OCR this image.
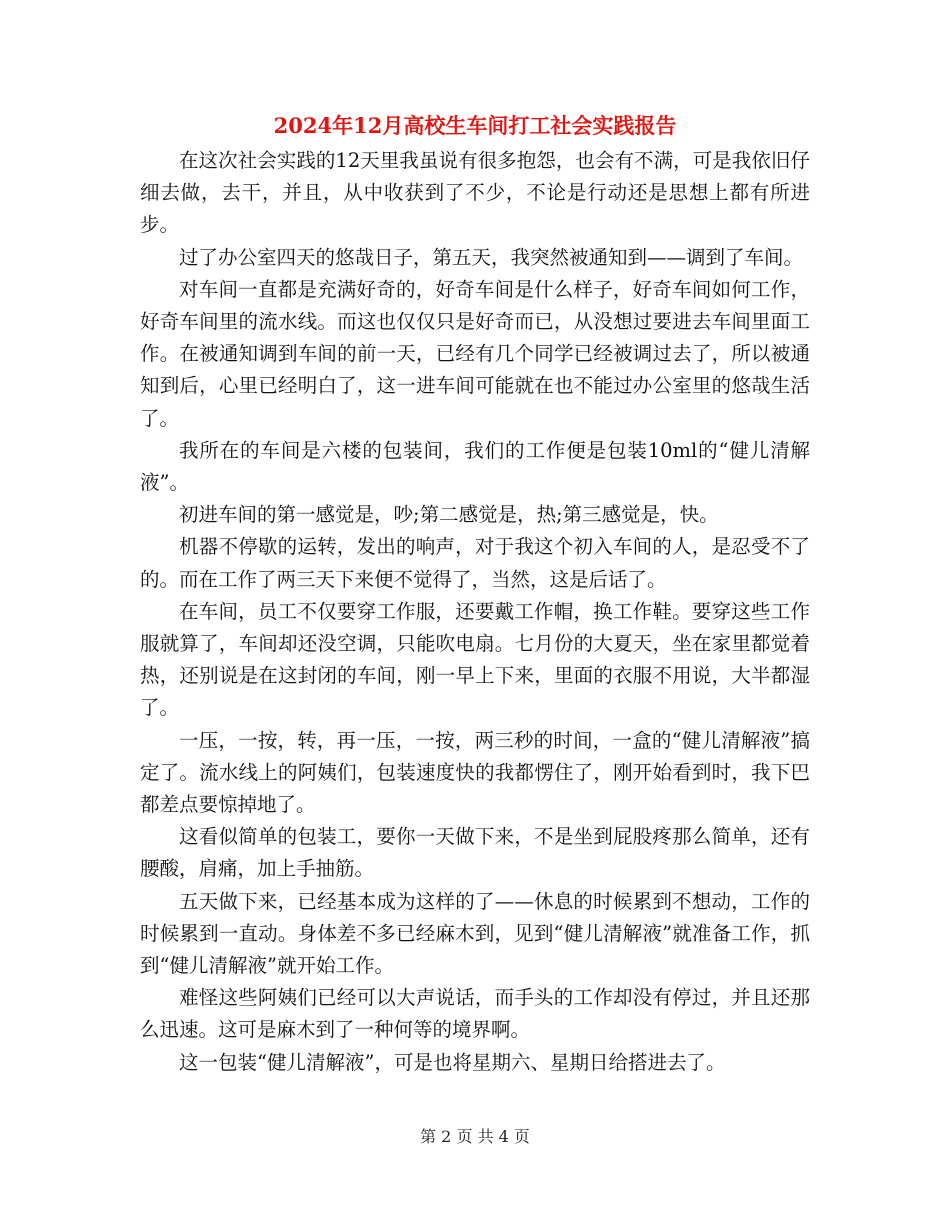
2024年12月高校生车间打工社会实践报告

在这次社会实践的12天里我虽说有很多抱怨，也会有不满，可是我依旧仔细去做，去干，并且，从中收获到了不少，不论是行动还是思想上都有所进步。

过了办公室四天的悠哉日子，第五天，我突然被通知到——调到了车间。

对车间一直都是充满好奇的，好奇车间是什么样子，好奇车间如何工作，好奇车间里的流水线。而这也仅仅只是好奇而已，从没想过要进去车间里面工作。在被通知调到车间的前一天，已经有几个同学已经被调过去了，所以被通知到后，心里已经明白了，这一进车间可能就在也不能过办公室里的悠哉生活了。

我所在的车间是六楼的包装间，我们的工作便是包装10ml的“健儿清解液”。

初进车间的第一感觉是，吵;第二感觉是，热;第三感觉是，快。

机器不停歇的运转，发出的响声，对于我这个初入车间的人，是忍受不了的。而在工作了两三天下来便不觉得了，当然，这是后话了。

在车间，员工不仅要穿工作服，还要戴工作帽，换工作鞋。要穿这些工作服就算了，车间却还没空调，只能吹电扇。七月份的大夏天，坐在家里都觉着热，还别说是在这封闭的车间，刚一早上下来，里面的衣服不用说，大半都湿了。

一压，一按，转，再一压，一按，两三秒的时间，一盒的“健儿清解液”搞定了。流水线上的阿姨们，包装速度快的我都愣住了，刚开始看到时，我下巴都差点要惊掉地了。

这看似简单的包装工，要你一天做下来，不是坐到屁股疼那么简单，还有腰酸，肩痛，加上手抽筋。

五天做下来，已经基本成为这样的了——休息的时候累到不想动，工作的时候累到一直动。身体差不多已经麻木到，见到“健儿清解液”就准备工作，抓到“健儿清解液”就开始工作。

难怪这些阿姨们已经可以大声说话，而手头的工作却没有停过，并且还那么迅速。这可是麻木到了一种何等的境界啊。

这一包装“健儿清解液”，可是也将星期六、星期日给搭进去了。

第 2 页 共 4 页
